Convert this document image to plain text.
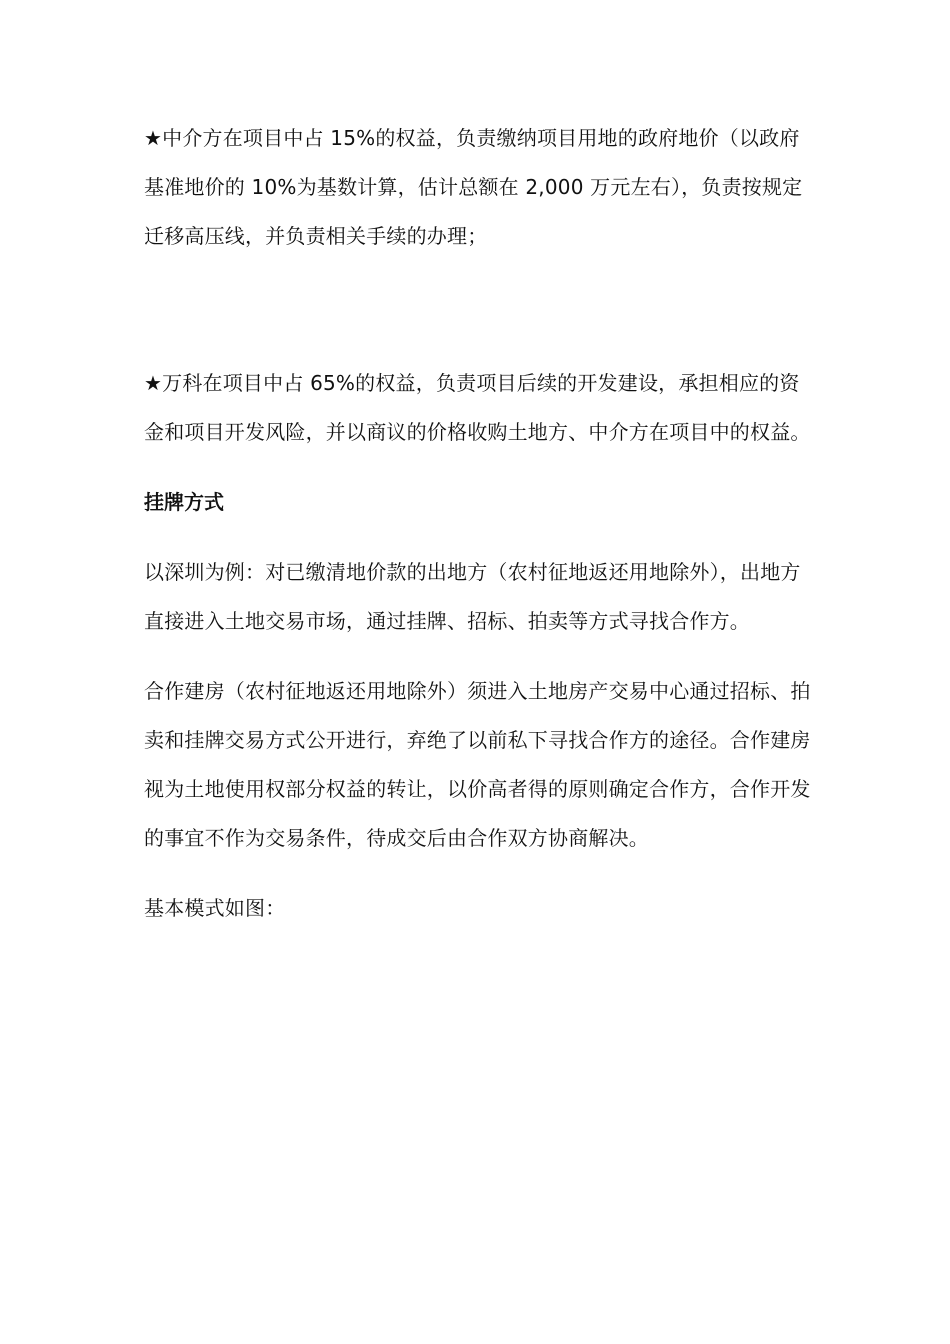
★中介方在项目中占 15%的权益，负责缴纳项目用地的政府地价（以政府基准地价的 10%为基数计算，估计总额在 2,000 万元左右），负责按规定迁移高压线，并负责相关手续的办理；

★万科在项目中占 65%的权益，负责项目后续的开发建设，承担相应的资金和项目开发风险，并以商议的价格收购土地方、中介方在项目中的权益。

挂牌方式

以深圳为例：对已缴清地价款的出地方（农村征地返还用地除外），出地方直接进入土地交易市场，通过挂牌、招标、拍卖等方式寻找合作方。

合作建房（农村征地返还用地除外）须进入土地房产交易中心通过招标、拍卖和挂牌交易方式公开进行，弃绝了以前私下寻找合作方的途径。合作建房视为土地使用权部分权益的转让，以价高者得的原则确定合作方，合作开发的事宜不作为交易条件，待成交后由合作双方协商解决。

基本模式如图：
